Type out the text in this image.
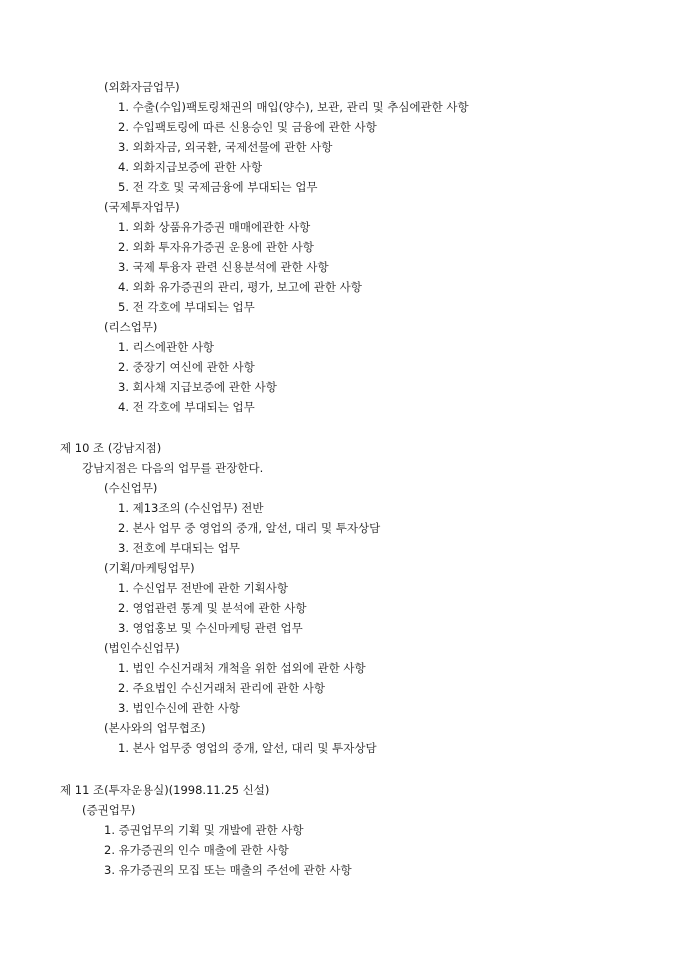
(외화자금업무)
1. 수출(수입)팩토링채권의 매입(양수), 보관, 관리 및 추심에관한 사항
2. 수입팩토링에 따른 신용승인 및 금융에 관한 사항
3. 외화자금, 외국환, 국제선물에 관한 사항
4. 외화지급보증에 관한 사항
5. 전 각호 및 국제금융에 부대되는 업무
(국제투자업무)
1. 외화 상품유가증권 매매에관한 사항
2. 외화 투자유가증권 운용에 관한 사항
3. 국제 투융자 관련 신용분석에 관한 사항
4. 외화 유가증권의 관리, 평가, 보고에 관한 사항
5. 전 각호에 부대되는 업무
(리스업무)
1. 리스에관한 사항
2. 중장기 여신에 관한 사항
3. 회사채 지급보증에 관한 사항
4. 전 각호에 부대되는 업무
제 10 조 (강남지점)
강남지점은 다음의 업무를 관장한다.
(수신업무)
1. 제13조의 (수신업무) 전반
2. 본사 업무 중 영업의 중개, 알선, 대리 및 투자상담
3. 전호에 부대되는 업무
(기획/마케팅업무)
1. 수신업무 전반에 관한 기획사항
2. 영업관련 통계 및 분석에 관한 사항
3. 영업홍보 및 수신마케팅 관련 업무
(법인수신업무)
1. 법인 수신거래처 개척을 위한 섭외에 관한 사항
2. 주요법인 수신거래처 관리에 관한 사항
3. 법인수신에 관한 사항
(본사와의 업무협조)
1. 본사 업무중 영업의 중개, 알선, 대리 및 투자상담
제 11 조(투자운용실)(1998.11.25 신설)
(증권업무)
1. 증권업무의 기획 및 개발에 관한 사항
2. 유가증권의 인수 매출에 관한 사항
3. 유가증권의 모집 또는 매출의 주선에 관한 사항
